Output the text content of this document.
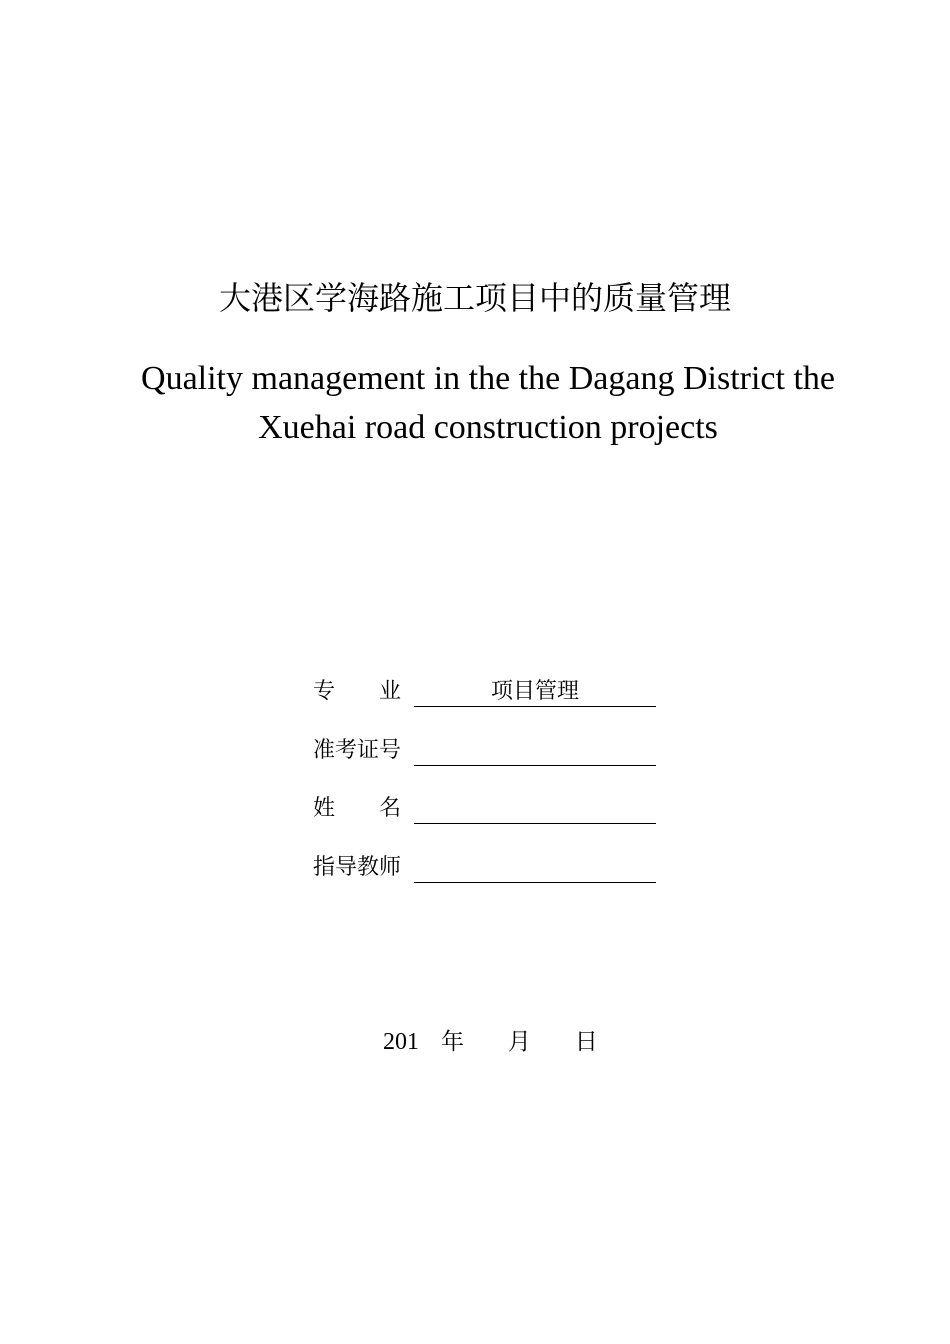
大港区学海路施工项目中的质量管理
Quality management in the the Dagang District the Xuehai road construction projects
专　　业	项目管理
准考证号
姓　　名
指导教师
201 年 月 日
